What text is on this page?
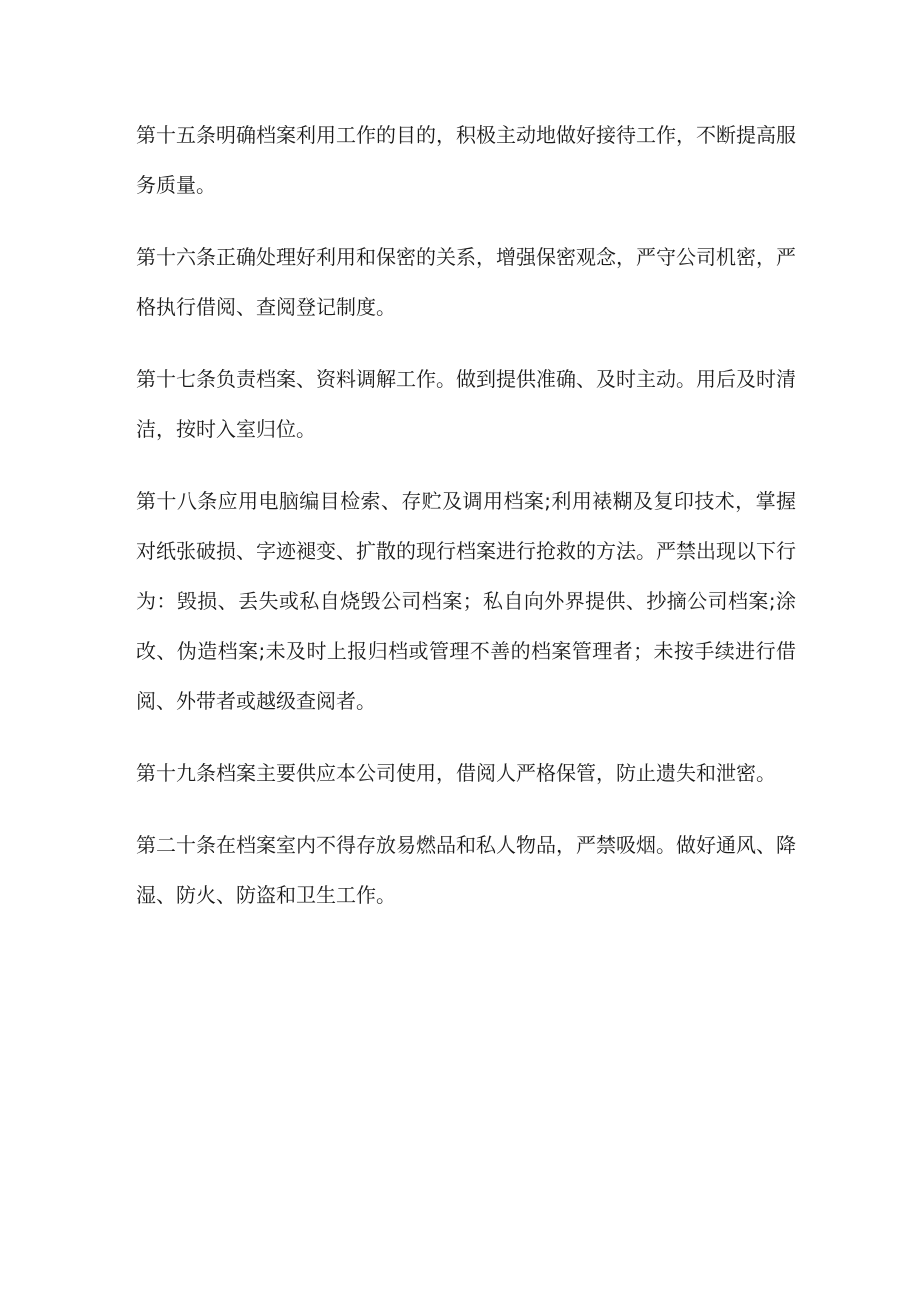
第十五条明确档案利用工作的目的，积极主动地做好接待工作，不断提高服务质量。

第十六条正确处理好利用和保密的关系，增强保密观念，严守公司机密，严格执行借阅、查阅登记制度。

第十七条负责档案、资料调解工作。做到提供准确、及时主动。用后及时清洁，按时入室归位。

第十八条应用电脑编目检索、存贮及调用档案;利用裱糊及复印技术，掌握对纸张破损、字迹褪变、扩散的现行档案进行抢救的方法。严禁出现以下行为：毁损、丢失或私自烧毁公司档案；私自向外界提供、抄摘公司档案;涂改、伪造档案;未及时上报归档或管理不善的档案管理者；未按手续进行借阅、外带者或越级查阅者。

第十九条档案主要供应本公司使用，借阅人严格保管，防止遗失和泄密。

第二十条在档案室内不得存放易燃品和私人物品，严禁吸烟。做好通风、降湿、防火、防盗和卫生工作。
